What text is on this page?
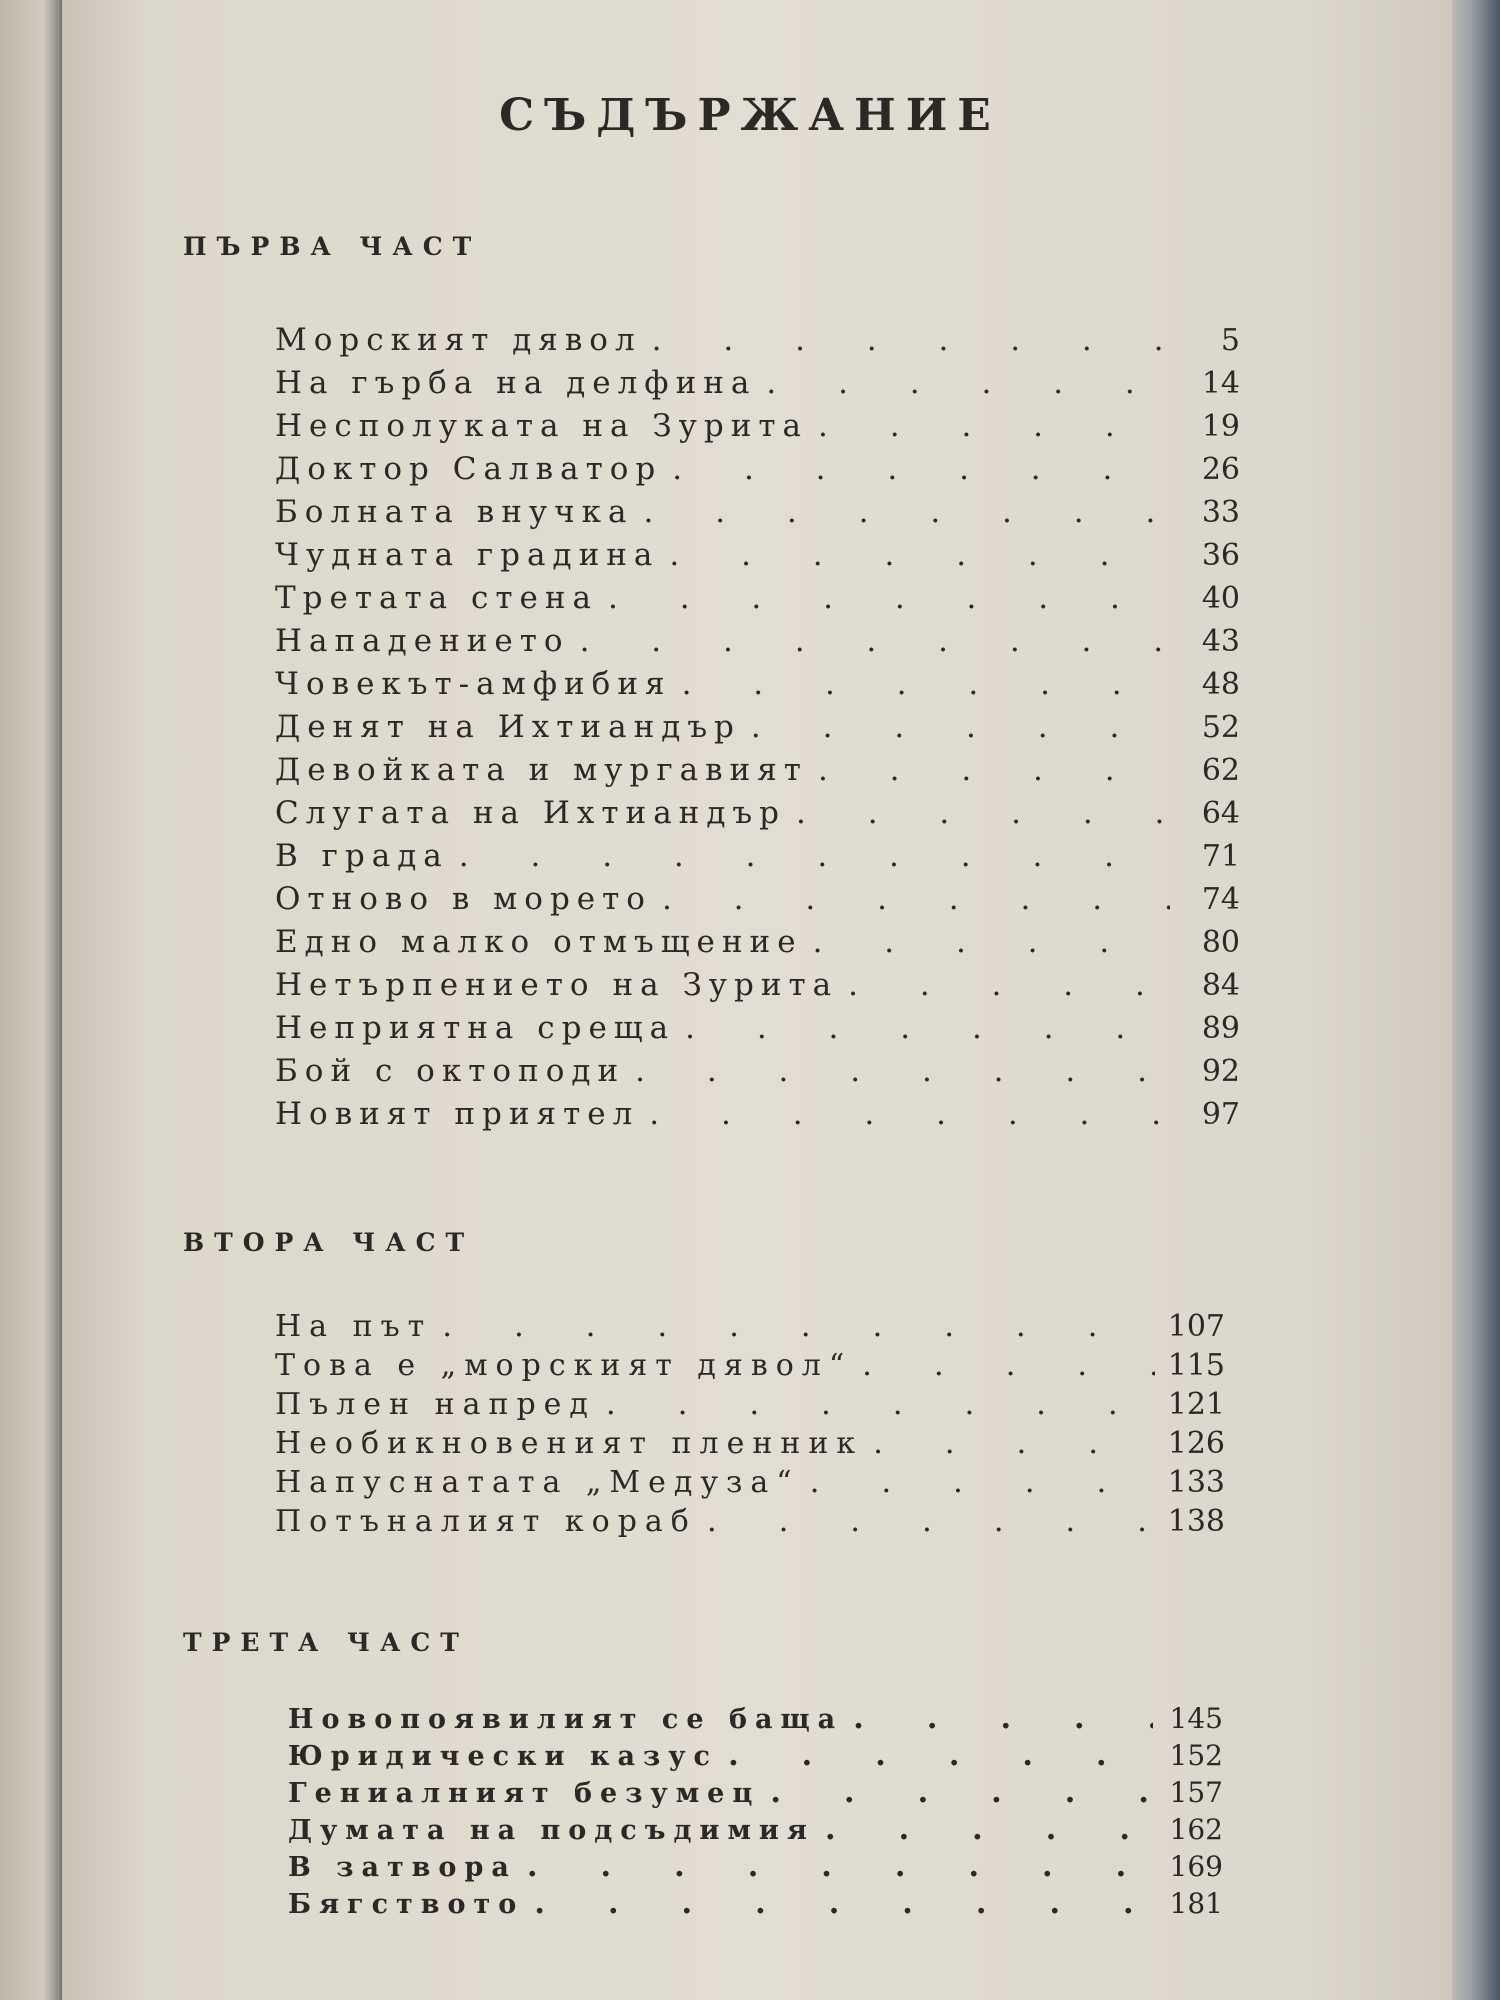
СЪДЪРЖАНИЕ
ПЪРВА ЧАСТ
Морският дявол . . .	5
На гърба на делфина . . .	14
Несполуката на Зурита . . .	19
Доктор Салватор . . .	26
Болната внучка . . .	33
Чудната градина . . .	36
Третата стена . . .	40
Нападението . . .	43
Човекът-амфибия . . .	48
Денят на Ихтиандър . . .	52
Девойката и мургавият . . .	62
Слугата на Ихтиандър . . .	64
В града . . .	71
Отново в морето . . .	74
Едно малко отмъщение . . .	80
Нетърпението на Зурита . . .	84
Неприятна среща . . .	89
Бой с октоподи . . .	92
Новият приятел . . .	97
ВТОРА ЧАСТ
На път . . .	107
Това е „морският дявол“ . . .	115
Пълен напред . . .	121
Необикновеният пленник . . .	126
Напуснатата „Медуза“ . . .	133
Потъналият кораб . . .	138
ТРЕТА ЧАСТ
Новопоявилият се баща . . .	145
Юридически казус . . .	152
Гениалният безумец . . .	157
Думата на подсъдимия . . .	162
В затвора . . .	169
Бягството . . .	181
